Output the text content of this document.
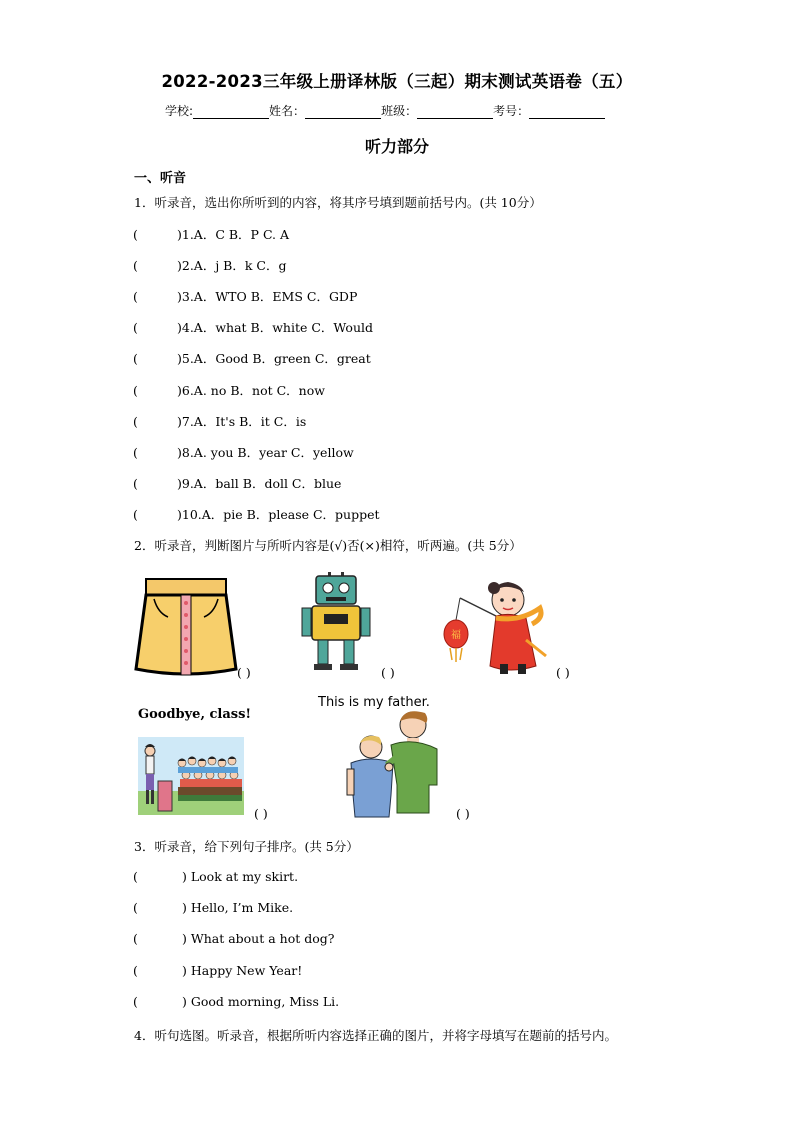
2022-2023三年级上册译林版（三起）期末测试英语卷（五）
学校:	姓名：	班级：	考号：
听力部分
一、听音
1．听录音，选出你所听到的内容，将其序号填到题前括号内。(共 10分）
(	)1.A．C B．P C. A
(	)2.A．j B．k C．g
(	)3.A．WTO B．EMS C．GDP
(	)4.A．what B．white C．Would
(	)5.A．Good B．green C．great
(	)6.A. no B．not C．now
(	)7.A．It's B．it C．is
(	)8.A. you B．year C．yellow
(	)9.A．ball B．doll C．blue
(	)10.A．pie B．please C．puppet
2．听录音，判断图片与所听内容是(√)否(×)相符，听两遍。(共 5分）
( )	( )
福
( )
Goodbye, class!
( )
This is my father.
( )
3．听录音，给下列句子排序。(共 5分）
(	) Look at my skirt.
(	) Hello, I’m Mike.
(	) What about a hot dog?
(	) Happy New Year!
(	) Good morning, Miss Li.
4．听句选图。听录音，根据所听内容选择正确的图片，并将字母填写在题前的括号内。
